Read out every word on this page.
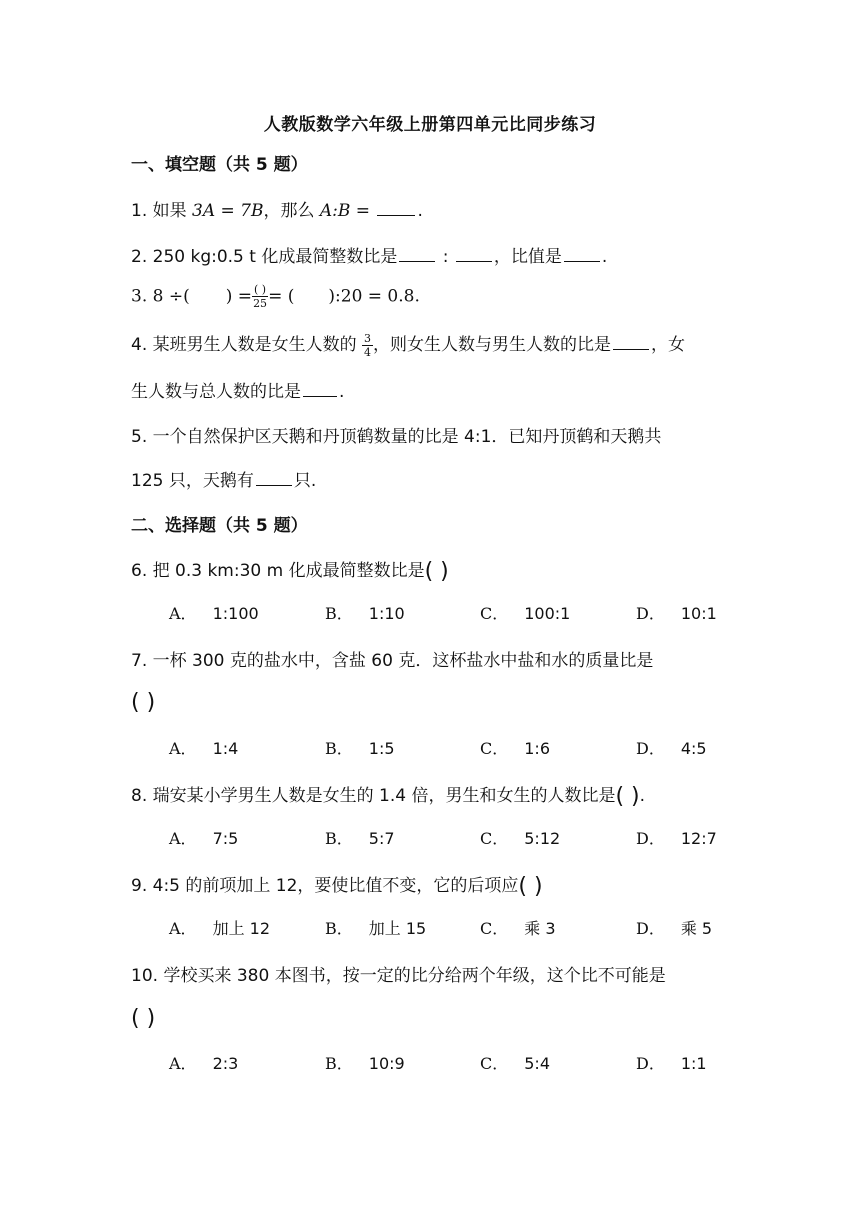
人教版数学六年级上册第四单元比同步练习
一、填空题（共 5 题）
1. 如果 3A = 7B，那么 A:B = .
2. 250 kg:0.5 t 化成最简整数比是 : ，比值是 .
3. 8 ÷( ) = $\frac{( )}{25}$ = ( ):20 = 0.8.
4. 某班男生人数是女生人数的 $\frac{3}{4}$ ，则女生人数与男生人数的比是 ，女
生人数与总人数的比是 .
5. 一个自然保护区天鹅和丹顶鹤数量的比是 4:1．已知丹顶鹤和天鹅共
125 只，天鹅有 只.
二、选择题（共 5 题）
6. 把 0.3 km:30 m 化成最简整数比是( )
A． 1:100	B． 1:10	C． 100:1	D． 10:1
7. 一杯 300 克的盐水中，含盐 60 克．这杯盐水中盐和水的质量比是
( )
A． 1:4	B． 1:5	C． 1:6	D． 4:5
8. 瑞安某小学男生人数是女生的 1.4 倍，男生和女生的人数比是( ).
A． 7:5	B． 5:7	C． 5:12	D． 12:7
9. 4:5 的前项加上 12，要使比值不变，它的后项应( )
A． 加上 12	B． 加上 15	C． 乘 3	D． 乘 5
10. 学校买来 380 本图书，按一定的比分给两个年级，这个比不可能是
( )
A． 2:3	B． 10:9	C． 5:4	D． 1:1
